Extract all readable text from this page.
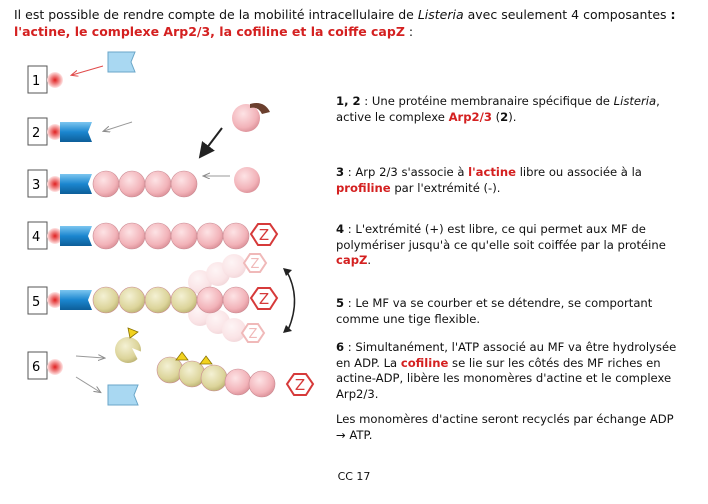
Il est possible de rendre compte de la mobilité intracellulaire de Listeria avec seulement 4 composantes :
l'actine, le complexe Arp2/3, la cofiline et la coiffe capZ :
1
2
3
4	Z
5
Z
Z
Z
6
Z

1, 2 : Une protéine membranaire spécifique de Listeria, active le complexe Arp2/3 (2).

3 : Arp 2/3 s'associe à l'actine libre ou associée à la profiline par l'extrémité (-).

4 : L'extrémité (+) est libre, ce qui permet aux MF de polymériser jusqu'à ce qu'elle soit coiffée par la protéine capZ.

5 : Le MF va se courber et se détendre, se comportant comme une tige flexible.

6 : Simultanément, l'ATP associé au MF va être hydrolysée en ADP. La cofiline se lie sur les côtés des MF riches en actine-ADP, libère les monomères d'actine et le complexe Arp2/3.

Les monomères d'actine seront recyclés par échange ADP → ATP.

CC 17
